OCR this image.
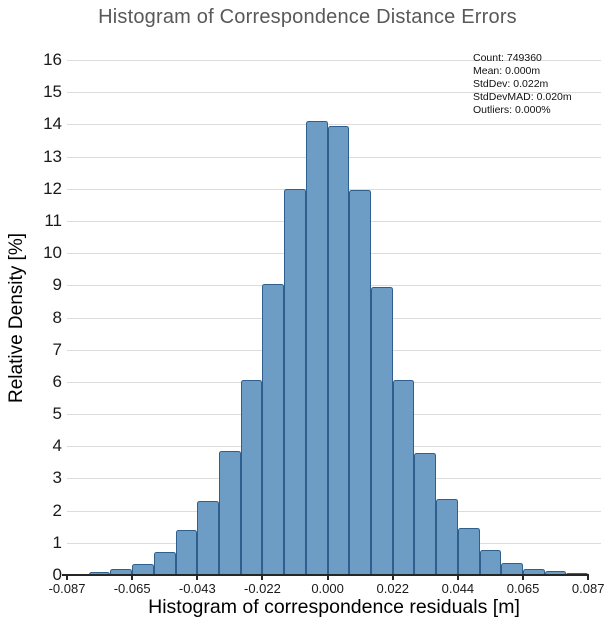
Histogram of Correspondence Distance Errors
0
1
2
3
4
5
6
7
8
9
10
11
12
13
14
15
16
Relative Density [%]
-0.087 -0.065 -0.043 -0.022 0.000	0.022	0.044	0.065	0.087
Histogram of correspondence residuals [m]
Count: 749360
Mean: 0.000m
StdDev: 0.022m
StdDevMAD: 0.020m
Outliers: 0.000%
